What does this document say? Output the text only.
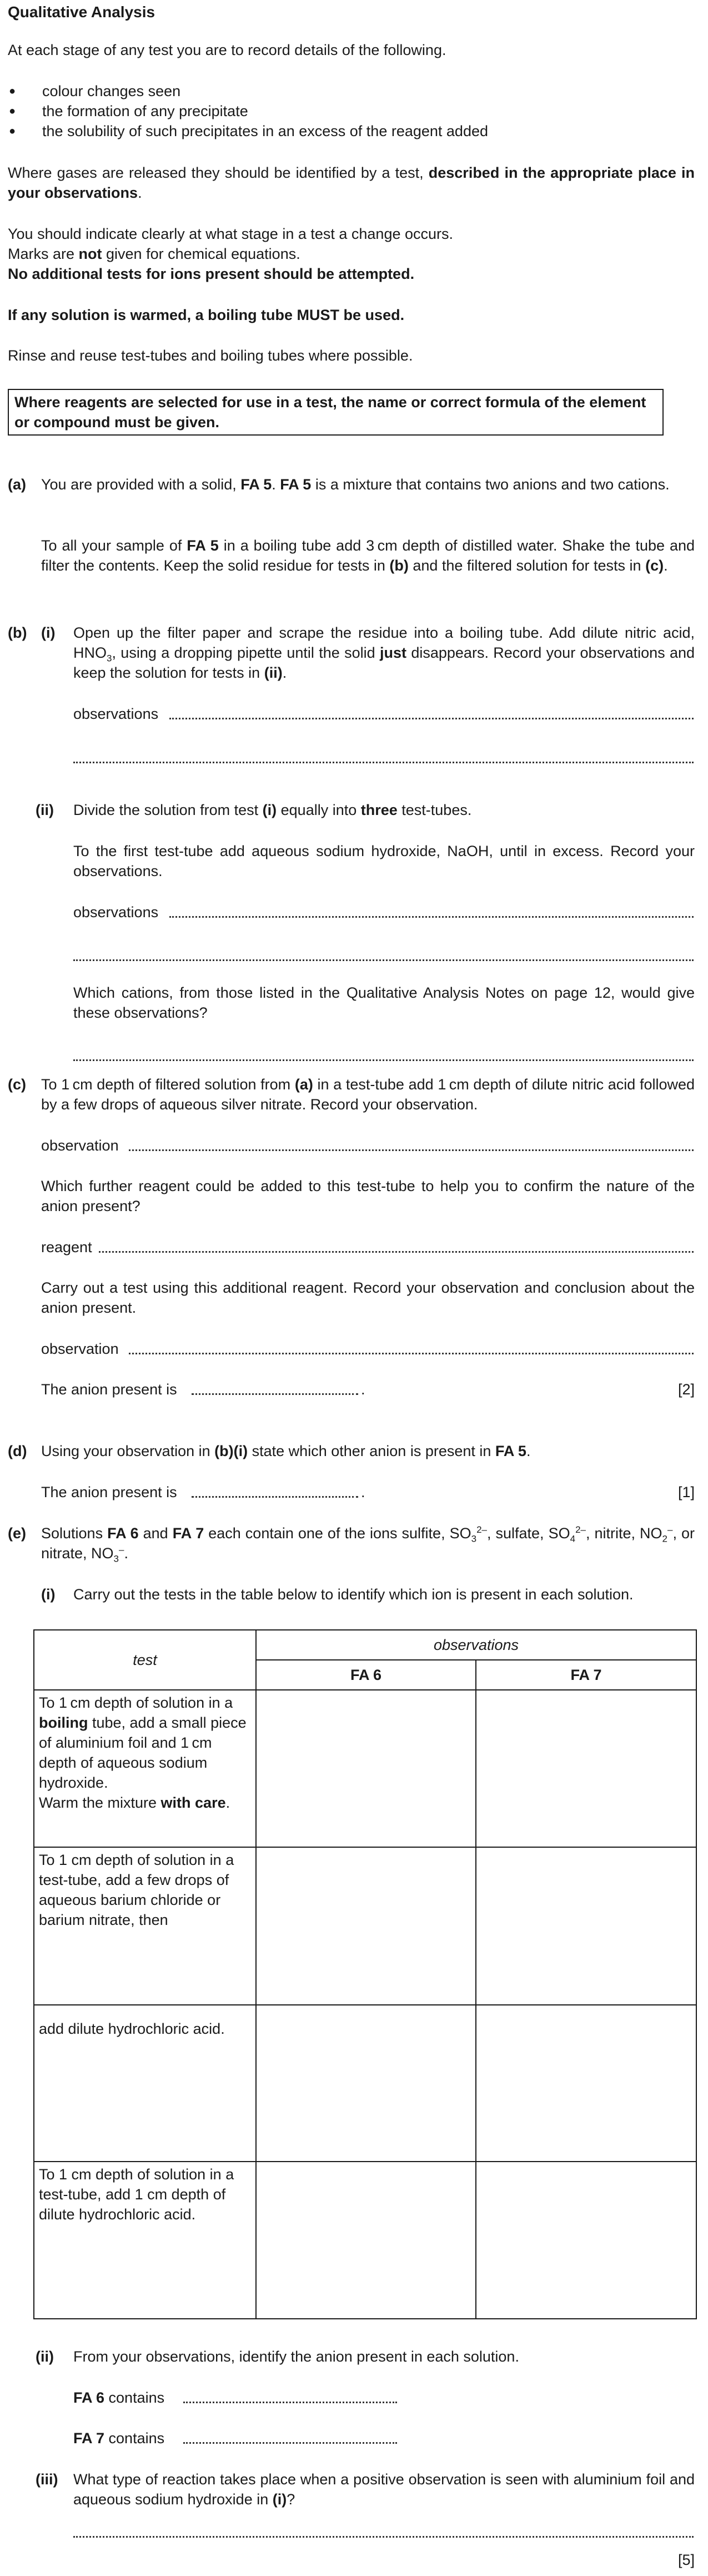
Qualitative Analysis

At each stage of any test you are to record details of the following.

● colour changes seen
● the formation of any precipitate
● the solubility of such precipitates in an excess of the reagent added

Where gases are released they should be identified by a test, described in the appropriate place in your observations.

You should indicate clearly at what stage in a test a change occurs.

Marks are not given for chemical equations.

No additional tests for ions present should be attempted.

If any solution is warmed, a boiling tube MUST be used.

Rinse and reuse test-tubes and boiling tubes where possible.

Where reagents are selected for use in a test, the name or correct formula of the element or compound must be given.
(a) You are provided with a solid, FA 5. FA 5 is a mixture that contains two anions and two cations.

To all your sample of FA 5 in a boiling tube add 3 cm depth of distilled water. Shake the tube and filter the contents. Keep the solid residue for tests in (b) and the filtered solution for tests in (c).

(b) (i) Open up the filter paper and scrape the residue into a boiling tube. Add dilute nitric acid, $HNO_3$, using a dropping pipette until the solid just disappears. Record your observations and keep the solution for tests in (ii).

observations
(ii) Divide the solution from test (i) equally into three test-tubes.

To the first test-tube add aqueous sodium hydroxide, NaOH, until in excess. Record your observations.

observations
Which cations, from those listed in the Qualitative Analysis Notes on page 12, would give these observations?
(c) To 1 cm depth of filtered solution from (a) in a test-tube add 1 cm depth of dilute nitric acid followed by a few drops of aqueous silver nitrate. Record your observation.

observation
Which further reagent could be added to this test-tube to help you to confirm the nature of the anion present?
reagent
Carry out a test using this additional reagent. Record your observation and conclusion about the anion present.
observation
The anion present is	.	[2]
(d) Using your observation in (b)(i) state which other anion is present in FA 5.

The anion present is	.	[1]
(e) Solutions FA 6 and FA 7 each contain one of the ions sulfite, $SO_3^{2-}$, sulfate, $SO_4^{2-}$, nitrite, $NO_2^-$, or nitrate, $NO_3^-$.

(i) Carry out the tests in the table below to identify which ion is present in each solution.
test	observations	
	FA 6	FA 7
To 1 cm depth of solution in a boiling tube, add a small piece of aluminium foil and 1 cm depth of aqueous sodium hydroxide.
Warm the mixture with care.		
To 1 cm depth of solution in a test-tube, add a few drops of aqueous barium chloride or barium nitrate, then		
add dilute hydrochloric acid.		
To 1 cm depth of solution in a test-tube, add 1 cm depth of dilute hydrochloric acid.		
(ii) From your observations, identify the anion present in each solution.

FA 6 contains
FA 7 contains
(iii) What type of reaction takes place when a positive observation is seen with aluminium foil and aqueous sodium hydroxide in (i)?

[5]
